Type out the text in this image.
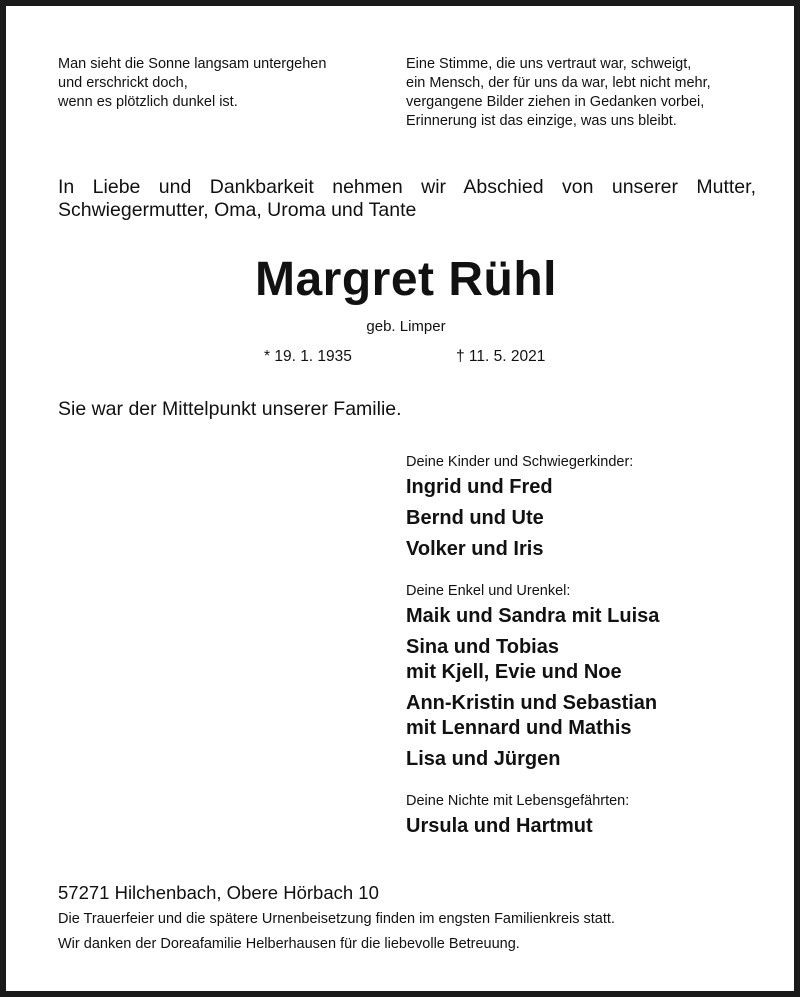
Man sieht die Sonne langsam untergehen
und erschrickt doch,
wenn es plötzlich dunkel ist.
Eine Stimme, die uns vertraut war, schweigt,
ein Mensch, der für uns da war, lebt nicht mehr,
vergangene Bilder ziehen in Gedanken vorbei,
Erinnerung ist das einzige, was uns bleibt.

In Liebe und Dankbarkeit nehmen wir Abschied von unserer Mutter, Schwiegermutter, Oma, Uroma und Tante

Margret Rühl
geb. Limper
* 19. 1. 1935	† 11. 5. 2021
Sie war der Mittelpunkt unserer Familie.
Deine Kinder und Schwiegerkinder:
Ingrid und Fred
Bernd und Ute
Volker und Iris
Deine Enkel und Urenkel:
Maik und Sandra mit Luisa
Sina und Tobias
mit Kjell, Evie und Noe
Ann-Kristin und Sebastian
mit Lennard und Mathis
Lisa und Jürgen
Deine Nichte mit Lebensgefährten:
Ursula und Hartmut
57271 Hilchenbach, Obere Hörbach 10
Die Trauerfeier und die spätere Urnenbeisetzung finden im engsten Familienkreis statt.
Wir danken der Doreafamilie Helberhausen für die liebevolle Betreuung.
